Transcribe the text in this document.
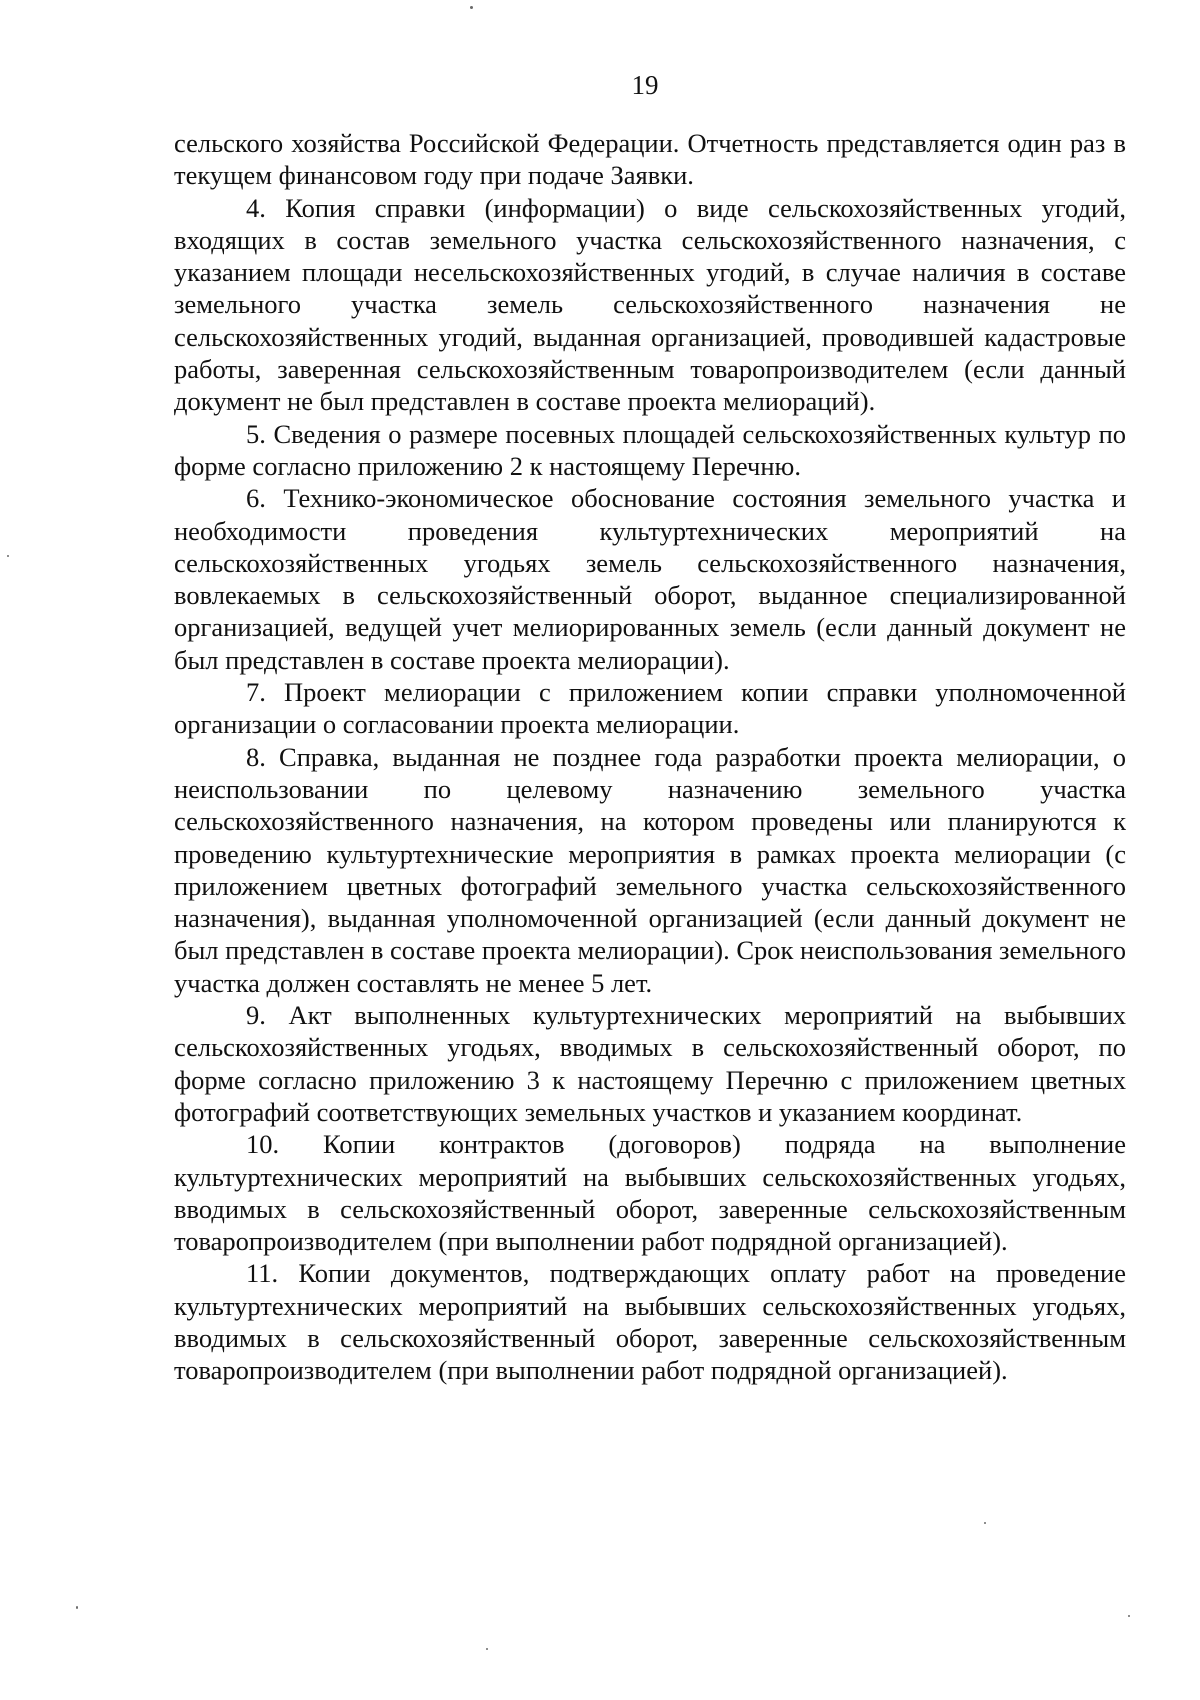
19

сельского хозяйства Российской Федерации. Отчетность представляется один раз в текущем финансовом году при подаче Заявки.

4. Копия справки (информации) о виде сельскохозяйственных угодий, входящих в состав земельного участка сельскохозяйственного назначения, с указанием площади несельскохозяйственных угодий, в случае наличия в составе земельного участка земель сельскохозяйственного назначения не сельскохозяйственных угодий, выданная организацией, проводившей кадастровые работы, заверенная сельскохозяйственным товаропроизводителем (если данный документ не был представлен в составе проекта мелиораций).

5. Сведения о размере посевных площадей сельскохозяйственных культур по форме согласно приложению 2 к настоящему Перечню.

6. Технико-экономическое обоснование состояния земельного участка и необходимости проведения культуртехнических мероприятий на сельскохозяйственных угодьях земель сельскохозяйственного назначения, вовлекаемых в сельскохозяйственный оборот, выданное специализированной организацией, ведущей учет мелиорированных земель (если данный документ не был представлен в составе проекта мелиорации).

7. Проект мелиорации с приложением копии справки уполномоченной организации о согласовании проекта мелиорации.

8. Справка, выданная не позднее года разработки проекта мелиорации, о неиспользовании по целевому назначению земельного участка сельскохозяйственного назначения, на котором проведены или планируются к проведению культуртехнические мероприятия в рамках проекта мелиорации (с приложением цветных фотографий земельного участка сельскохозяйственного назначения), выданная уполномоченной организацией (если данный документ не был представлен в составе проекта мелиорации). Срок неиспользования земельного участка должен составлять не менее 5 лет.

9. Акт выполненных культуртехнических мероприятий на выбывших сельскохозяйственных угодьях, вводимых в сельскохозяйственный оборот, по форме согласно приложению 3 к настоящему Перечню с приложением цветных фотографий соответствующих земельных участков и указанием координат.

10. Копии контрактов (договоров) подряда на выполнение культуртехнических мероприятий на выбывших сельскохозяйственных угодьях, вводимых в сельскохозяйственный оборот, заверенные сельскохозяйственным товаропроизводителем (при выполнении работ подрядной организацией).

11. Копии документов, подтверждающих оплату работ на проведение культуртехнических мероприятий на выбывших сельскохозяйственных угодьях, вводимых в сельскохозяйственный оборот, заверенные сельскохозяйственным товаропроизводителем (при выполнении работ подрядной организацией).
